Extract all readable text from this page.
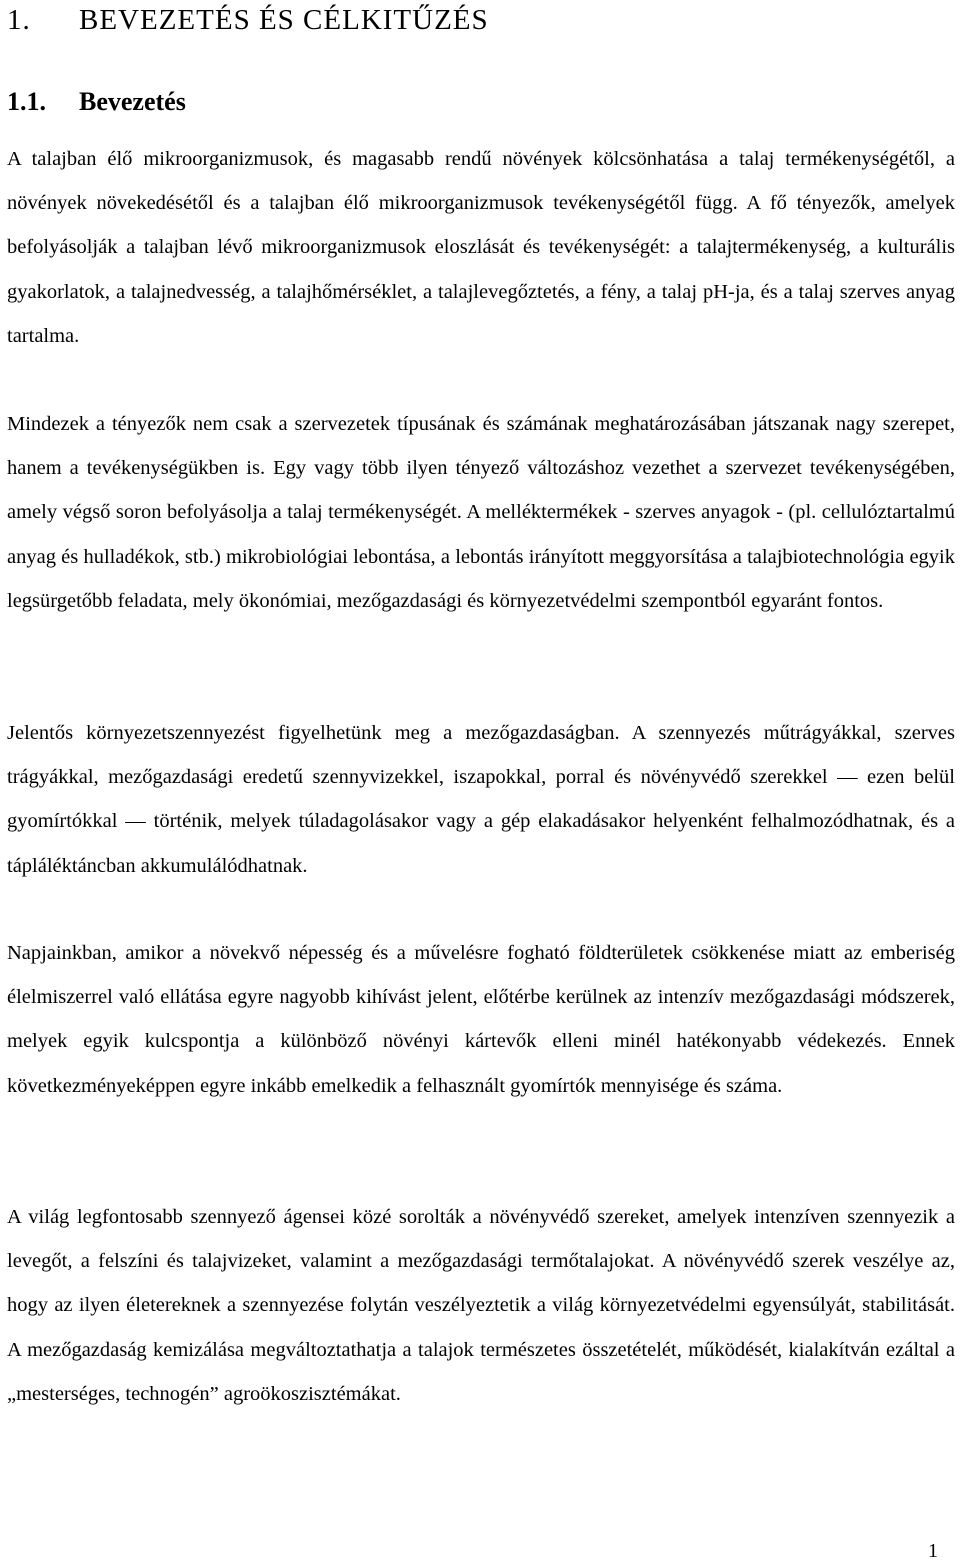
1. BEVEZETÉS ÉS CÉLKITŰZÉS
1.1. Bevezetés

A talajban élő mikroorganizmusok, és magasabb rendű növények kölcsönhatása a talaj termékenységétől, a növények növekedésétől és a talajban élő mikroorganizmusok tevékenységétől függ. A fő tényezők, amelyek befolyásolják a talajban lévő mikroorganizmusok eloszlását és tevékenységét: a talajtermékenység, a kulturális gyakorlatok, a talajnedvesség, a talajhőmérséklet, a talajlevegőztetés, a fény, a talaj pH-ja, és a talaj szerves anyag tartalma.

Mindezek a tényezők nem csak a szervezetek típusának és számának meghatározásában játszanak nagy szerepet, hanem a tevékenységükben is. Egy vagy több ilyen tényező változáshoz vezethet a szervezet tevékenységében, amely végső soron befolyásolja a talaj termékenységét. A melléktermékek - szerves anyagok - (pl. cellulóztartalmú anyag és hulladékok, stb.) mikrobiológiai lebontása, a lebontás irányított meggyorsítása a talajbiotechnológia egyik legsürgetőbb feladata, mely ökonómiai, mezőgazdasági és környezetvédelmi szempontból egyaránt fontos.

Jelentős környezetszennyezést figyelhetünk meg a mezőgazdaságban. A szennyezés műtrágyákkal, szerves trágyákkal, mezőgazdasági eredetű szennyvizekkel, iszapokkal, porral és növényvédő szerekkel — ezen belül gyomírtókkal — történik, melyek túladagolásakor vagy a gép elakadásakor helyenként felhalmozódhatnak, és a tápláléktáncban akkumulálódhatnak.

Napjainkban, amikor a növekvő népesség és a művelésre fogható földterületek csökkenése miatt az emberiség élelmiszerrel való ellátása egyre nagyobb kihívást jelent, előtérbe kerülnek az intenzív mezőgazdasági módszerek, melyek egyik kulcspontja a különböző növényi kártevők elleni minél hatékonyabb védekezés. Ennek következményeképpen egyre inkább emelkedik a felhasznált gyomírtók mennyisége és száma.

A világ legfontosabb szennyező ágensei közé sorolták a növényvédő szereket, amelyek intenzíven szennyezik a levegőt, a felszíni és talajvizeket, valamint a mezőgazdasági termőtalajokat. A növényvédő szerek veszélye az, hogy az ilyen életereknek a szennyezése folytán veszélyeztetik a világ környezetvédelmi egyensúlyát, stabilitását. A mezőgazdaság kemizálása megváltoztathatja a talajok természetes összetételét, működését, kialakítván ezáltal a „mesterséges, technogén” agroökoszisztémákat.

1
